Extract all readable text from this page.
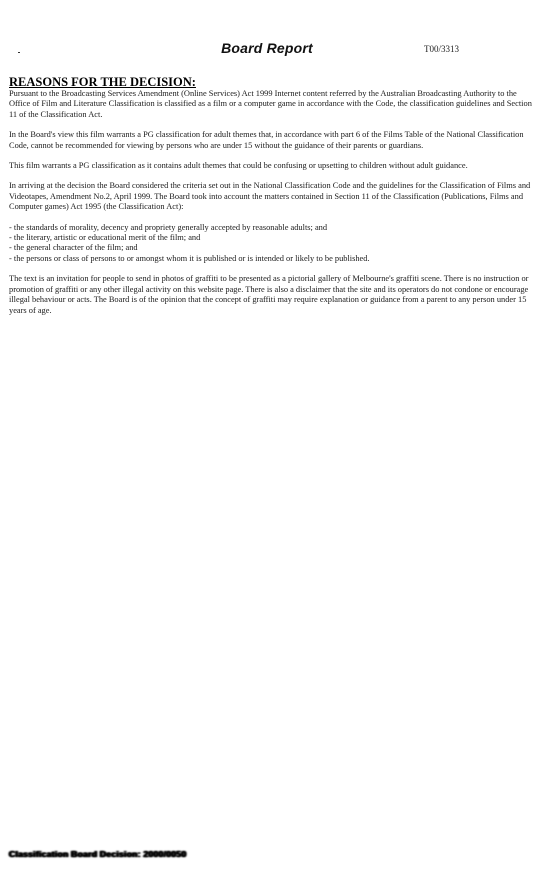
Board Report	T00/3313
REASONS FOR THE DECISION:

Pursuant to the Broadcasting Services Amendment (Online Services) Act 1999 Internet content referred by the Australian Broadcasting Authority to the Office of Film and Literature Classification is classified as a film or a computer game in accordance with the Code, the classification guidelines and Section 11 of the Classification Act.

In the Board's view this film warrants a PG classification for adult themes that, in accordance with part 6 of the Films Table of the National Classification Code, cannot be recommended for viewing by persons who are under 15 without the guidance of their parents or guardians.

This film warrants a PG classification as it contains adult themes that could be confusing or upsetting to children without adult guidance.

In arriving at the decision the Board considered the criteria set out in the National Classification Code and the guidelines for the Classification of Films and Videotapes, Amendment No.2, April 1999. The Board took into account the matters contained in Section 11 of the Classification (Publications, Films and Computer games) Act 1995 (the Classification Act):

- the standards of morality, decency and propriety generally accepted by reasonable adults; and
- the literary, artistic or educational merit of the film; and
- the general character of the film; and
- the persons or class of persons to or amongst whom it is published or is intended or likely to be published.

The text is an invitation for people to send in photos of graffiti to be presented as a pictorial gallery of Melbourne's graffiti scene. There is no instruction or promotion of graffiti or any other illegal activity on this website page. There is also a disclaimer that the site and its operators do not condone or encourage illegal behaviour or acts. The Board is of the opinion that the concept of graffiti may require explanation or guidance from a parent to any person under 15 years of age.

Classification Board Decision: 2000/0050
